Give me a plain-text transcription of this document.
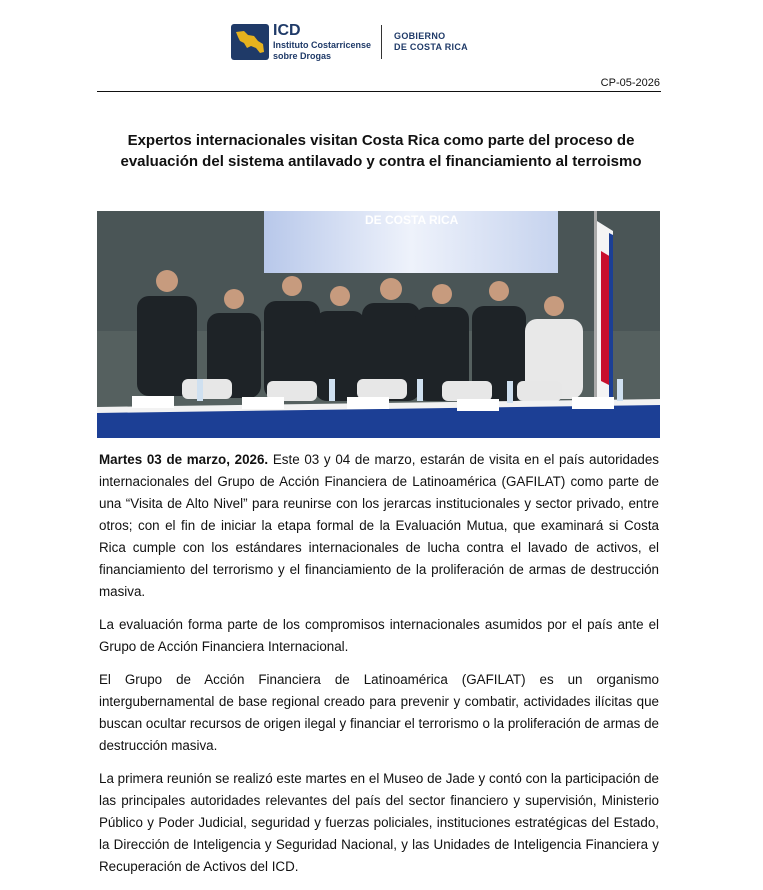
ICD
Instituto Costarricense
sobre Drogas
GOBIERNO
DE COSTA RICA
CP-05-2026
Expertos internacionales visitan Costa Rica como parte del proceso de evaluación del sistema antilavado y contra el financiamiento al terroismo
DE COSTA RICA

Martes 03 de marzo, 2026. Este 03 y 04 de marzo, estarán de visita en el país autoridades internacionales del Grupo de Acción Financiera de Latinoamérica (GAFILAT) como parte de una “Visita de Alto Nivel” para reunirse con los jerarcas institucionales y sector privado, entre otros; con el fin de iniciar la etapa formal de la Evaluación Mutua, que examinará si Costa Rica cumple con los estándares internacionales de lucha contra el lavado de activos, el financiamiento del terrorismo y el financiamiento de la proliferación de armas de destrucción masiva.

La evaluación forma parte de los compromisos internacionales asumidos por el país ante el Grupo de Acción Financiera Internacional.

El Grupo de Acción Financiera de Latinoamérica (GAFILAT) es un organismo intergubernamental de base regional creado para prevenir y combatir, actividades ilícitas que buscan ocultar recursos de origen ilegal y financiar el terrorismo o la proliferación de armas de destrucción masiva.

La primera reunión se realizó este martes en el Museo de Jade y contó con la participación de las principales autoridades relevantes del país del sector financiero y supervisión, Ministerio Público y Poder Judicial, seguridad y fuerzas policiales, instituciones estratégicas del Estado, la Dirección de Inteligencia y Seguridad Nacional, y las Unidades de Inteligencia Financiera y Recuperación de Activos del ICD.
